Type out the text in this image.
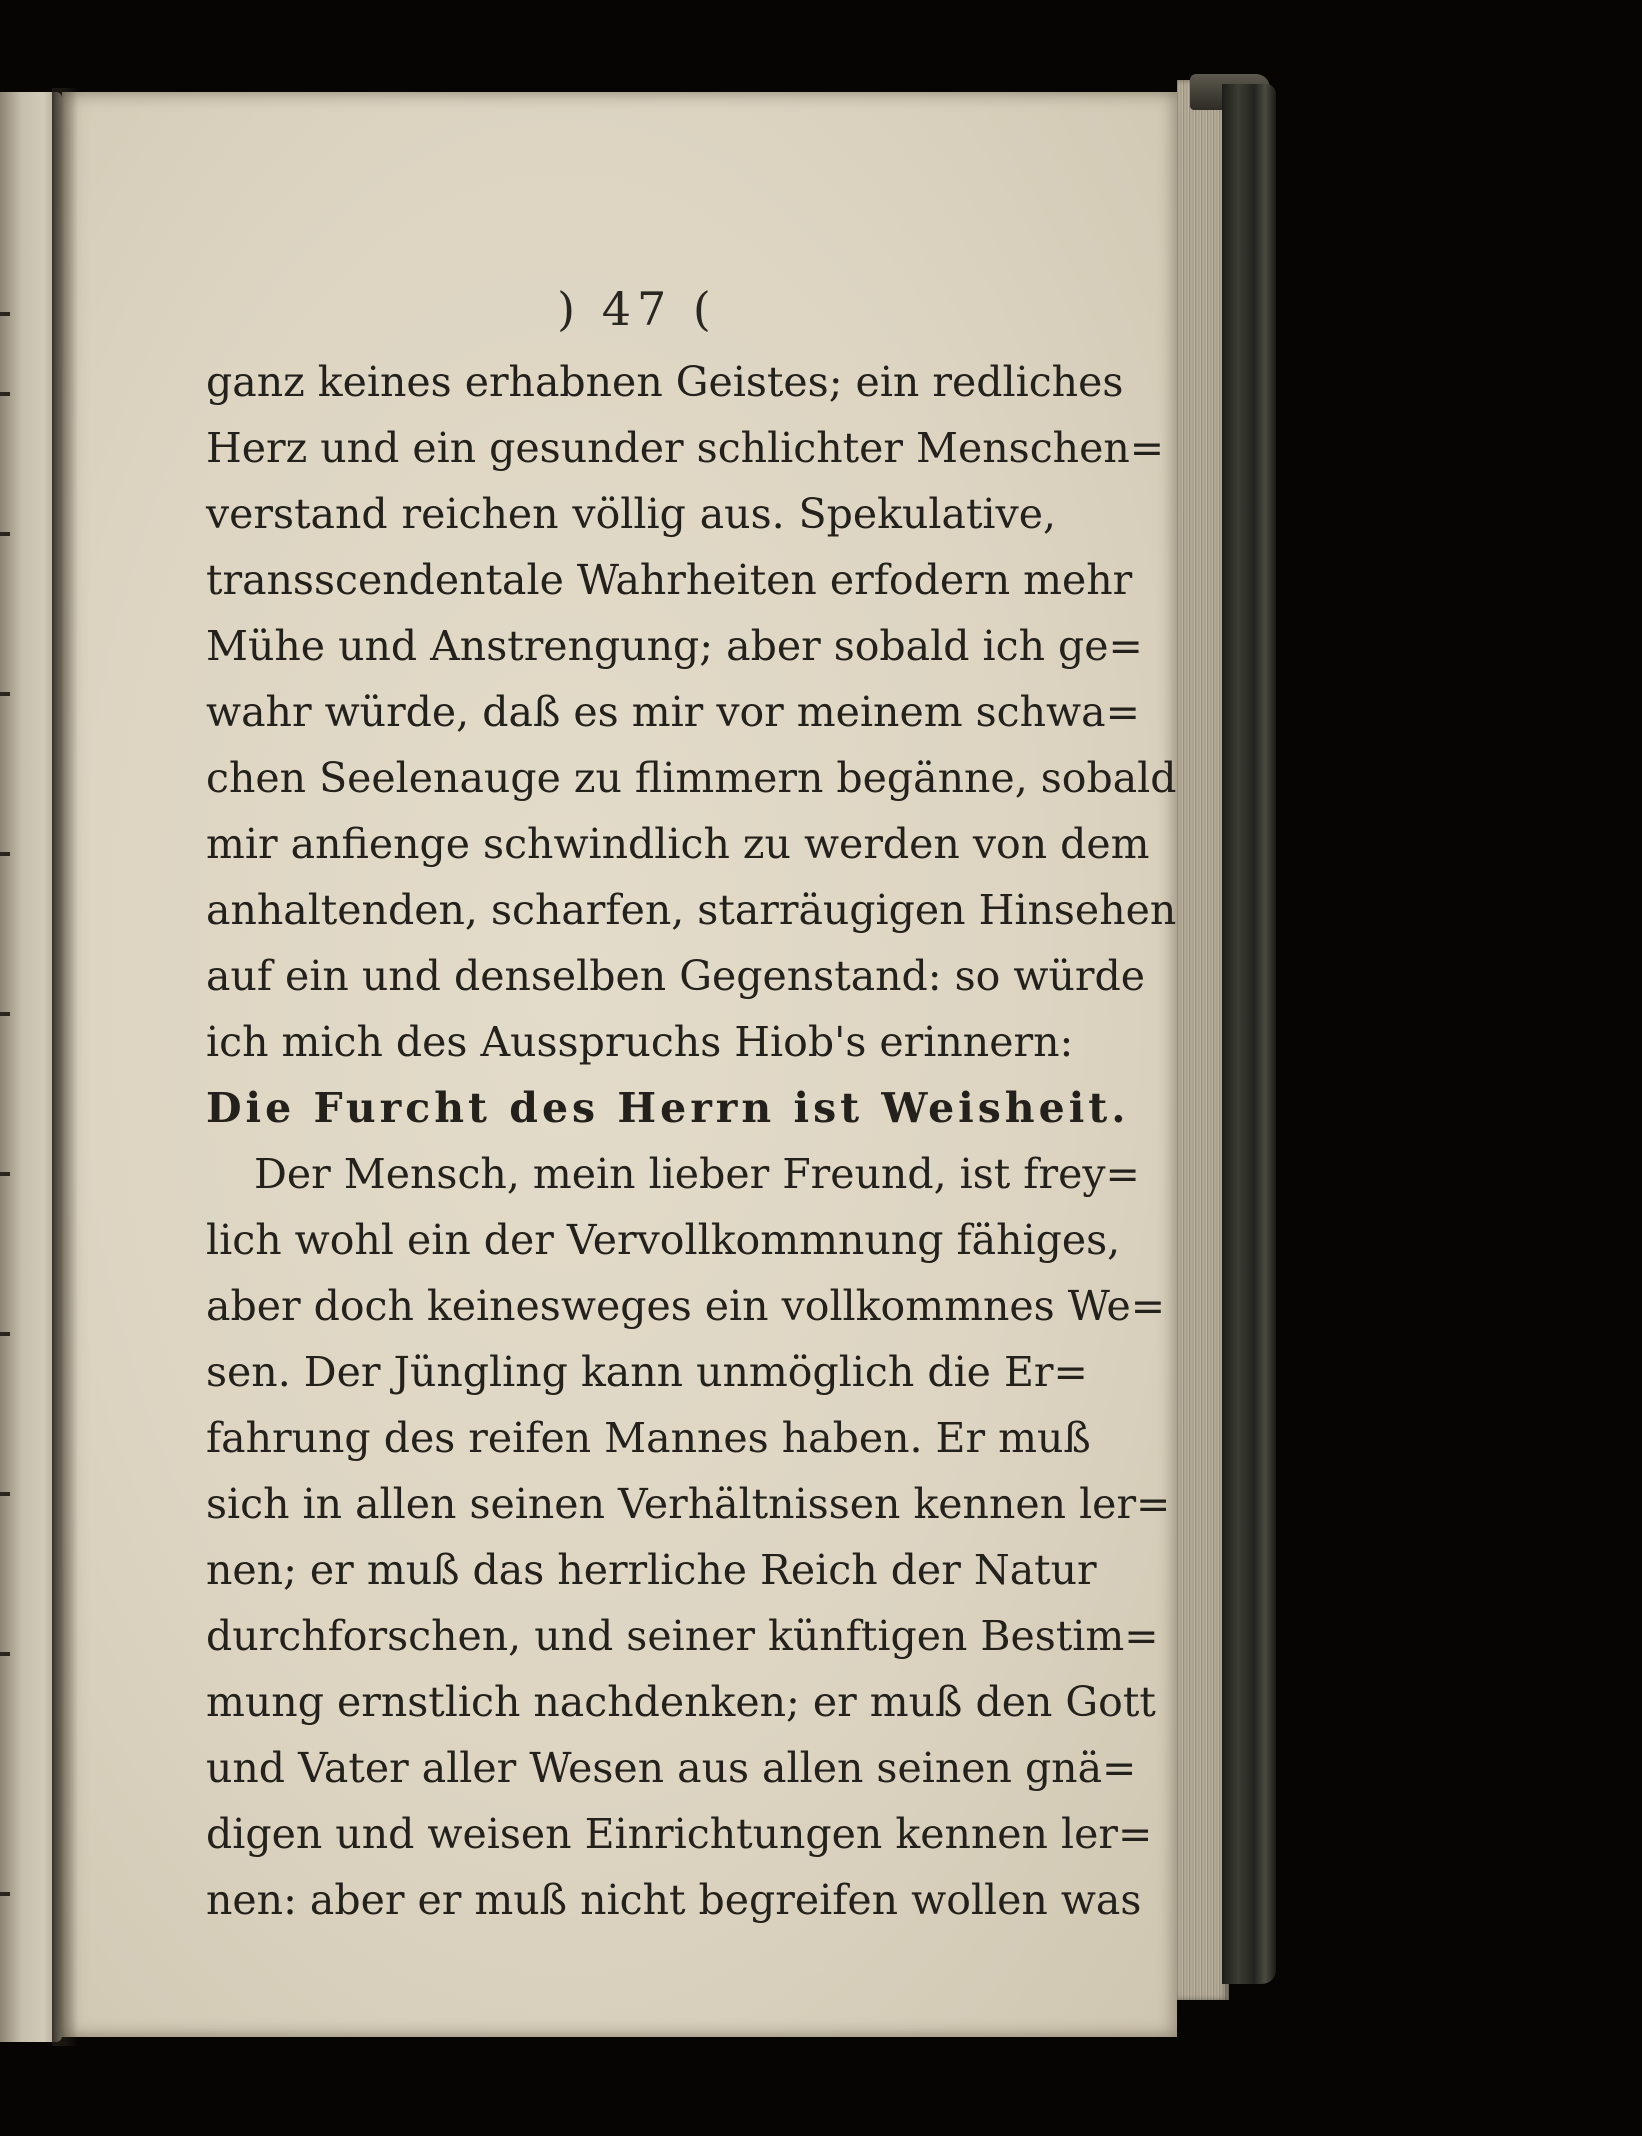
) 47 (
ganz keines erhabnen Geistes; ein redliches
Herz und ein gesunder schlichter Menschen=
verstand reichen völlig aus. Spekulative,
transscendentale Wahrheiten erfodern mehr
Mühe und Anstrengung; aber sobald ich ge=
wahr würde, daß es mir vor meinem schwa=
chen Seelenauge zu flimmern begänne, sobald
mir anfienge schwindlich zu werden von dem
anhaltenden, scharfen, starräugigen Hinsehen
auf ein und denselben Gegenstand: so würde
ich mich des Ausspruchs Hiob's erinnern:
Die Furcht des Herrn ist Weisheit.
Der Mensch, mein lieber Freund, ist frey=
lich wohl ein der Vervollkommnung fähiges,
aber doch keinesweges ein vollkommnes We=
sen. Der Jüngling kann unmöglich die Er=
fahrung des reifen Mannes haben. Er muß
sich in allen seinen Verhältnissen kennen ler=
nen; er muß das herrliche Reich der Natur
durchforschen, und seiner künftigen Bestim=
mung ernstlich nachdenken; er muß den Gott
und Vater aller Wesen aus allen seinen gnä=
digen und weisen Einrichtungen kennen ler=
nen: aber er muß nicht begreifen wollen was
